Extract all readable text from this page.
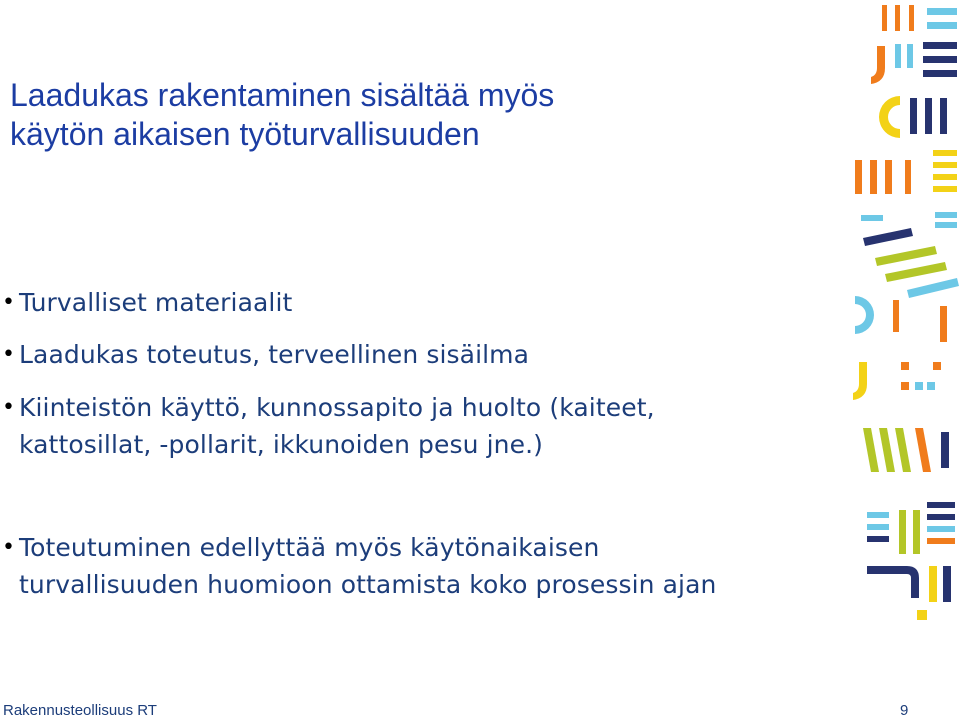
Laadukas rakentaminen sisältää myös
käytön aikaisen työturvallisuuden
• Turvalliset materiaalit
• Laadukas toteutus, terveellinen sisäilma
• Kiinteistön käyttö, kunnossapito ja huolto (kaiteet,
kattosillat, -pollarit, ikkunoiden pesu jne.)
• Toteutuminen edellyttää myös käytönaikaisen
turvallisuuden huomioon ottamista koko prosessin ajan
Rakennusteollisuus RT	9
